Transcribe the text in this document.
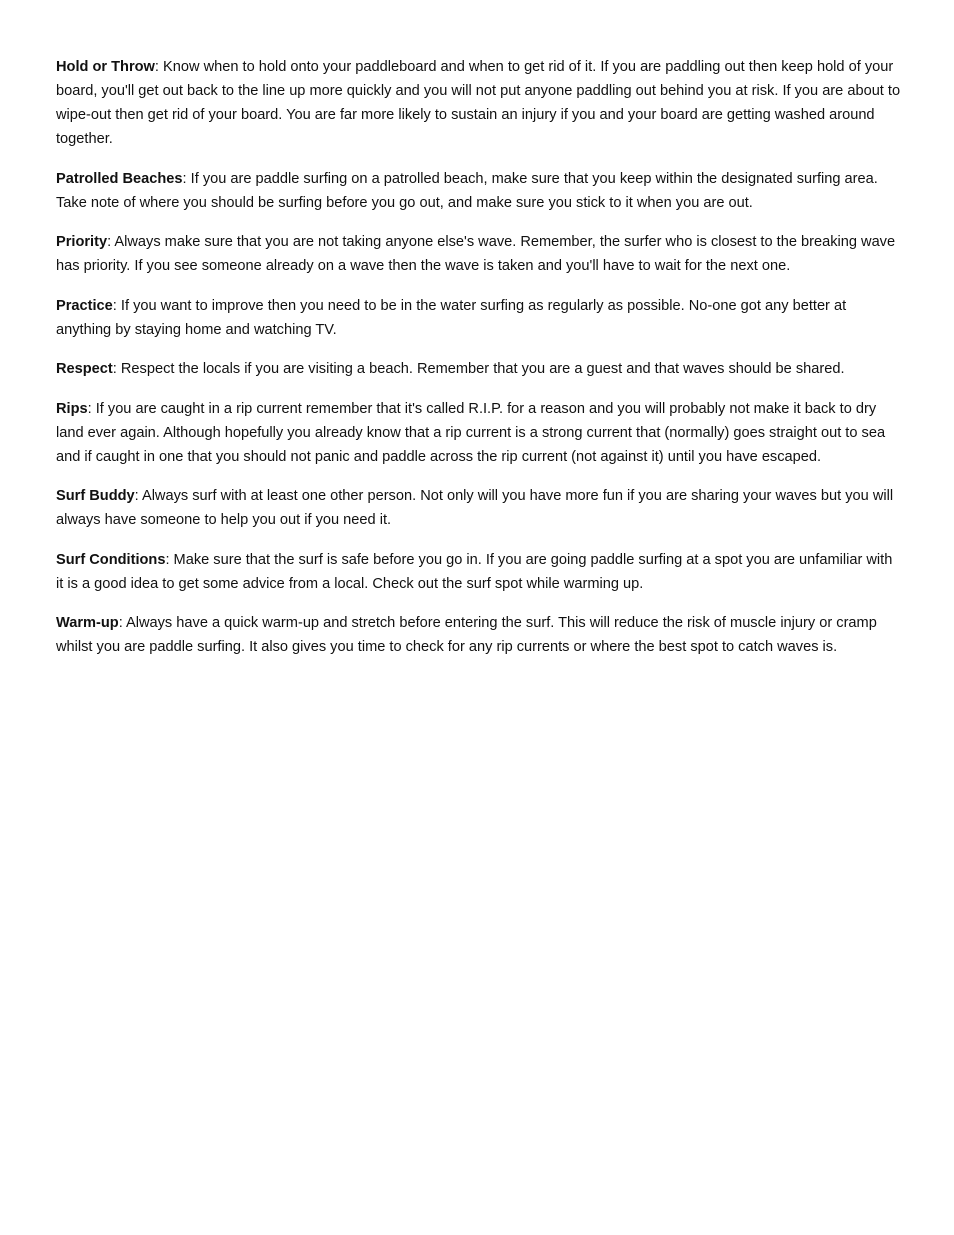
Hold or Throw: Know when to hold onto your paddleboard and when to get rid of it. If you are paddling out then keep hold of your board, you'll get out back to the line up more quickly and you will not put anyone paddling out behind you at risk. If you are about to wipe-out then get rid of your board. You are far more likely to sustain an injury if you and your board are getting washed around together.

Patrolled Beaches: If you are paddle surfing on a patrolled beach, make sure that you keep within the designated surfing area. Take note of where you should be surfing before you go out, and make sure you stick to it when you are out.

Priority: Always make sure that you are not taking anyone else's wave. Remember, the surfer who is closest to the breaking wave has priority. If you see someone already on a wave then the wave is taken and you'll have to wait for the next one.

Practice: If you want to improve then you need to be in the water surfing as regularly as possible. No-one got any better at anything by staying home and watching TV.

Respect: Respect the locals if you are visiting a beach. Remember that you are a guest and that waves should be shared.

Rips: If you are caught in a rip current remember that it's called R.I.P. for a reason and you will probably not make it back to dry land ever again. Although hopefully you already know that a rip current is a strong current that (normally) goes straight out to sea and if caught in one that you should not panic and paddle across the rip current (not against it) until you have escaped.

Surf Buddy: Always surf with at least one other person. Not only will you have more fun if you are sharing your waves but you will always have someone to help you out if you need it.

Surf Conditions: Make sure that the surf is safe before you go in. If you are going paddle surfing at a spot you are unfamiliar with it is a good idea to get some advice from a local. Check out the surf spot while warming up.

Warm-up: Always have a quick warm-up and stretch before entering the surf. This will reduce the risk of muscle injury or cramp whilst you are paddle surfing. It also gives you time to check for any rip currents or where the best spot to catch waves is.
